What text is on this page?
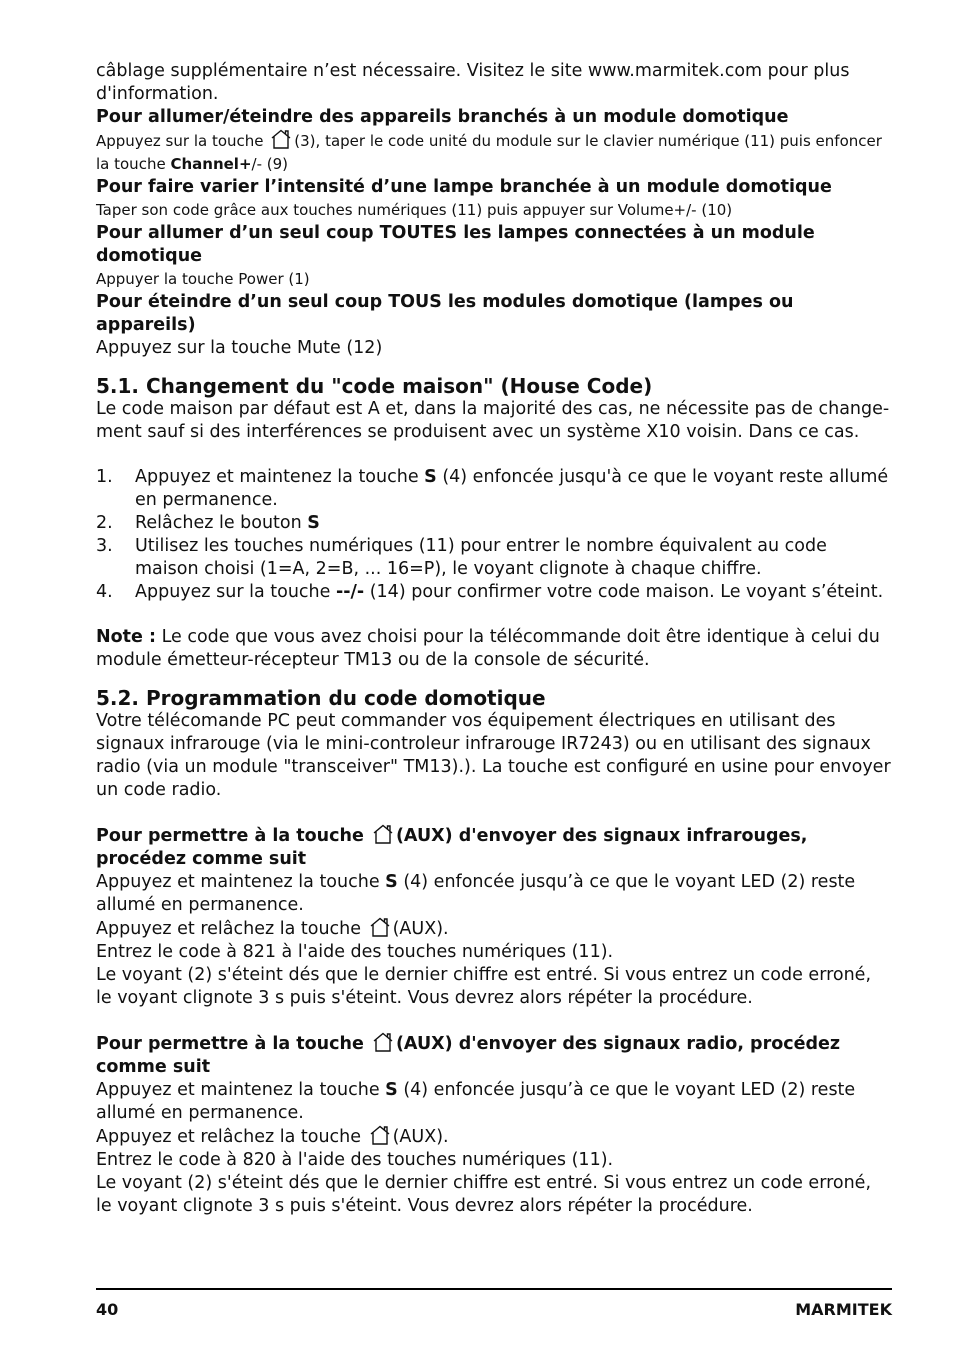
câblage supplémentaire n’est nécessaire. Visitez le site www.marmitek.com pour plus d'information.

Pour allumer/éteindre des appareils branchés à un module domotique

Appuyez sur la touche (3), taper le code unité du module sur le clavier numérique (11) puis enfoncer la touche Channel+/- (9)

Pour faire varier l’intensité d’une lampe branchée à un module domotique

Taper son code grâce aux touches numériques (11) puis appuyer sur Volume+/- (10)

Pour allumer d’un seul coup TOUTES les lampes connectées à un module domotique

Appuyer la touche Power (1)

Pour éteindre d’un seul coup TOUS les modules domotique (lampes ou appareils)

Appuyez sur la touche Mute (12)

5.1. Changement du "code maison" (House Code)

Le code maison par défaut est A et, dans la majorité des cas, ne nécessite pas de change-ment sauf si des interférences se produisent avec un système X10 voisin. Dans ce cas.

1.	Appuyez et maintenez la touche S (4) enfoncée jusqu'à ce que le voyant reste allumé en permanence.
2.	Relâchez le bouton S
3.	Utilisez les touches numériques (11) pour entrer le nombre équivalent au code maison choisi (1=A, 2=B, ... 16=P), le voyant clignote à chaque chiffre.
4.	Appuyez sur la touche --/- (14) pour confirmer votre code maison. Le voyant s’éteint.

Note : Le code que vous avez choisi pour la télécommande doit être identique à celui du module émetteur-récepteur TM13 ou de la console de sécurité.

5.2. Programmation du code domotique

Votre télécomande PC peut commander vos équipement électriques en utilisant des signaux infrarouge (via le mini-controleur infrarouge IR7243) ou en utilisant des signaux radio (via un module "transceiver" TM13).). La touche est configuré en usine pour envoyer un code radio.

Pour permettre à la touche (AUX) d'envoyer des signaux infrarouges, procédez comme suit

Appuyez et maintenez la touche S (4) enfoncée jusqu’à ce que le voyant LED (2) reste allumé en permanence.

Appuyez et relâchez la touche (AUX).

Entrez le code à 821 à l'aide des touches numériques (11).

Le voyant (2) s'éteint dés que le dernier chiffre est entré. Si vous entrez un code erroné, le voyant clignote 3 s puis s'éteint. Vous devrez alors répéter la procédure.

Pour permettre à la touche (AUX) d'envoyer des signaux radio, procédez comme suit

Appuyez et maintenez la touche S (4) enfoncée jusqu’à ce que le voyant LED (2) reste allumé en permanence.

Appuyez et relâchez la touche (AUX).

Entrez le code à 820 à l'aide des touches numériques (11).

Le voyant (2) s'éteint dés que le dernier chiffre est entré. Si vous entrez un code erroné, le voyant clignote 3 s puis s'éteint. Vous devrez alors répéter la procédure.

40	MARMITEK
